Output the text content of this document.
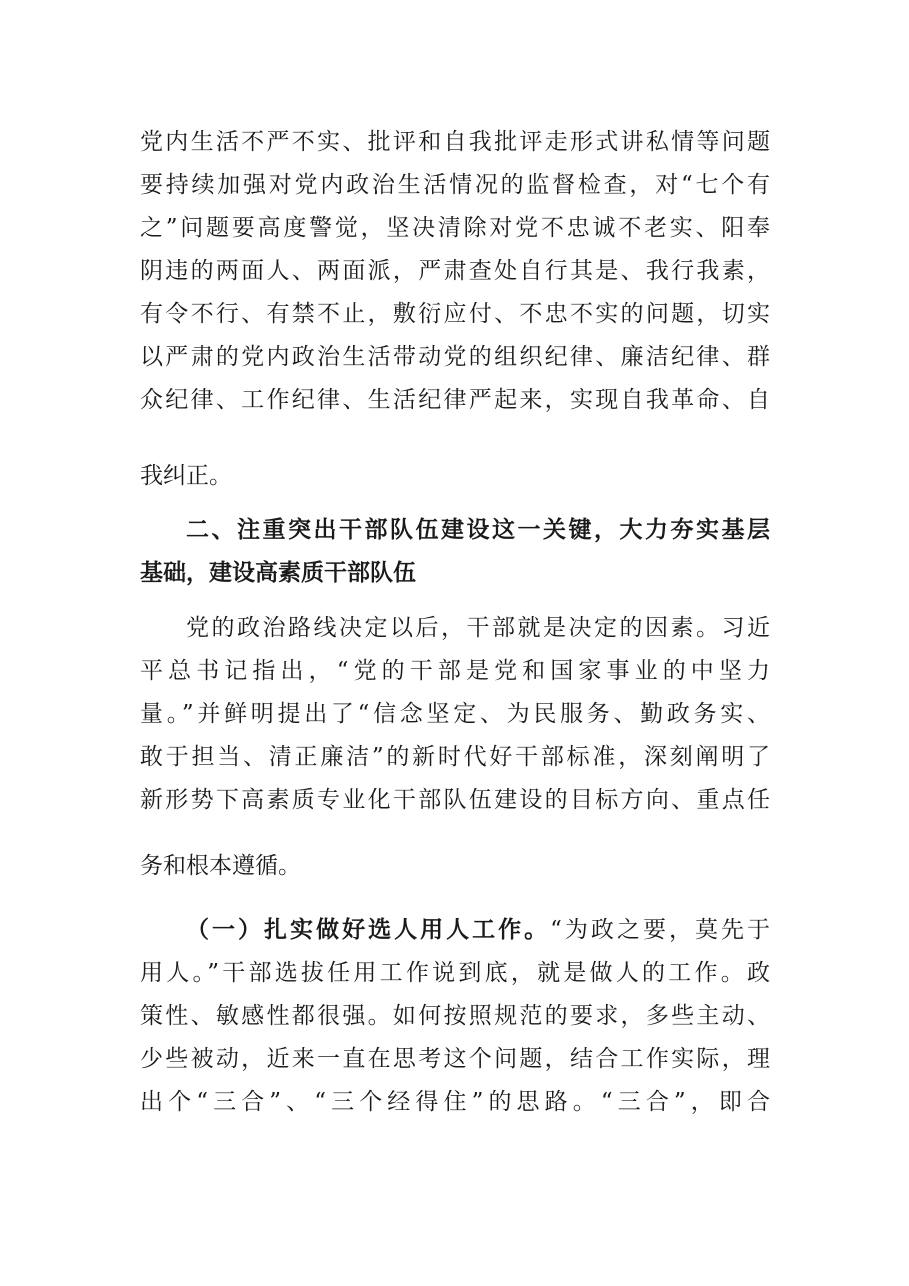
党内生活不严不实、批评和自我批评走形式讲私情等问题
要持续加强对党内政治生活情况的监督检查，对“七个有
之”问题要高度警觉，坚决清除对党不忠诚不老实、阳奉
阴违的两面人、两面派，严肃查处自行其是、我行我素，
有令不行、有禁不止，敷衍应付、不忠不实的问题，切实
以严肃的党内政治生活带动党的组织纪律、廉洁纪律、群
众纪律、工作纪律、生活纪律严起来，实现自我革命、自
我纠正。
二、注重突出干部队伍建设这一关键，大力夯实基层
基础，建设高素质干部队伍
党的政治路线决定以后，干部就是决定的因素。习近
平总书记指出，“党的干部是党和国家事业的中坚力
量。”并鲜明提出了“信念坚定、为民服务、勤政务实、
敢于担当、清正廉洁”的新时代好干部标准，深刻阐明了
新形势下高素质专业化干部队伍建设的目标方向、重点任
务和根本遵循。
（一）扎实做好选人用人工作。“为政之要，莫先于
用人。”干部选拔任用工作说到底，就是做人的工作。政
策性、敏感性都很强。如何按照规范的要求，多些主动、
少些被动，近来一直在思考这个问题，结合工作实际，理
出个“三合”、“三个经得住”的思路。“三合”，即合
